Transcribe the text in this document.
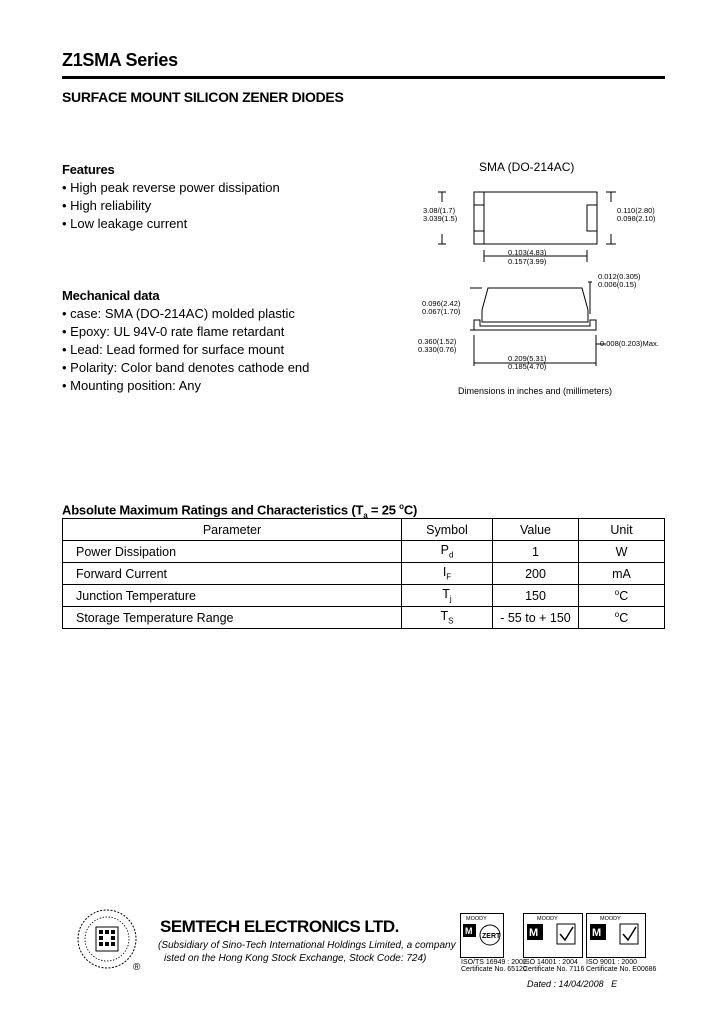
Z1SMA Series
SURFACE MOUNT SILICON ZENER DIODES
Features
• High peak reverse power dissipation
• High reliability
• Low leakage current
Mechanical data
• case: SMA (DO-214AC) molded plastic
• Epoxy: UL 94V-0 rate flame retardant
• Lead: Lead formed for surface mount
• Polarity: Color band denotes cathode end
• Mounting position: Any
SMA (DO-214AC)
3.08/(1.7)
3.039(1.5)
0.110(2.80)
0.098(2.10)
0.103(4.83)
0.157(3.99)
0.012(0.305)
0.006(0.15)
0.096(2.42)
0.067(1.70)
0.360(1.52)
0.330(0.76)
0.209(5.31)
0.185(4.70)
0.008(0.203)Max.
Dimensions in inches and (millimeters)
Absolute Maximum Ratings and Characteristics ($T_a = 25$ $^o$C)
Parameter	Symbol	Value	Unit
Power Dissipation	$P_d$	1	W
Forward Current	$I_F$	200	mA
Junction Temperature	$T_j$	150	$^o$C
Storage Temperature Range	$T_S$	- 55 to + 150	$^o$C
®
SEMTECH ELECTRONICS LTD.
(Subsidiary of Sino-Tech International Holdings Limited, a company
isted on the Hong Kong Stock Exchange, Stock Code: 724)
MOODY
M
ZERT
MOODY
M
MOODY
M
ISO/TS 16949 : 2002
Certificate No. 65120
ISO 14001 : 2004
Certificate No. 7116
ISO 9001 : 2000
Certificate No. E00686
Dated : 14/04/2008 E
